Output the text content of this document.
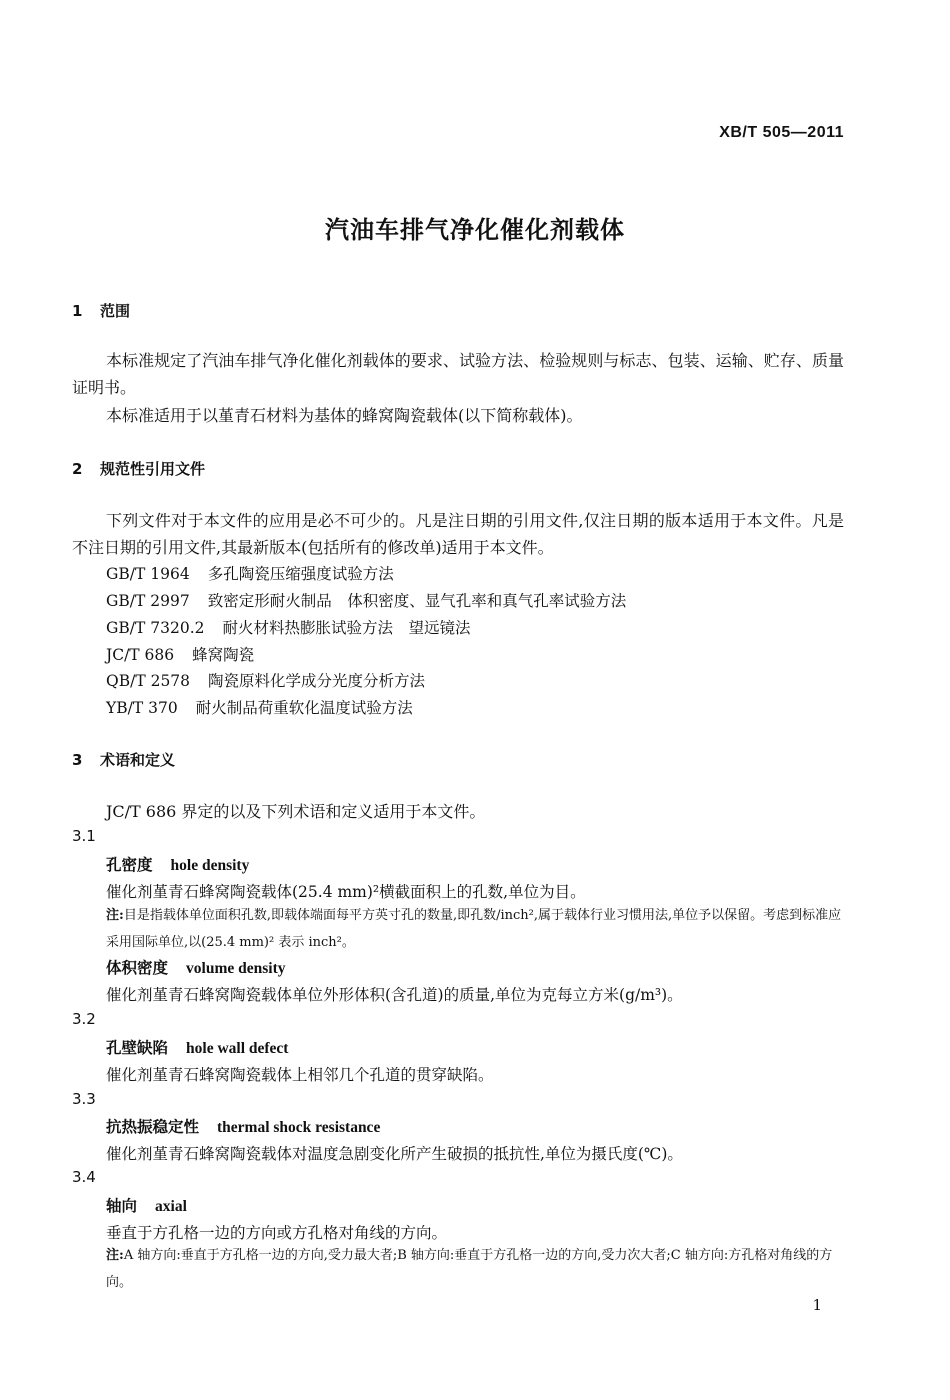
XB/T 505—2011
汽油车排气净化催化剂载体
1 范围
本标准规定了汽油车排气净化催化剂载体的要求、试验方法、检验规则与标志、包装、运输、贮存、质量证明书。
本标准适用于以堇青石材料为基体的蜂窝陶瓷载体(以下简称载体)。
2 规范性引用文件
下列文件对于本文件的应用是必不可少的。凡是注日期的引用文件,仅注日期的版本适用于本文件。凡是不注日期的引用文件,其最新版本(包括所有的修改单)适用于本文件。
GB/T 1964 多孔陶瓷压缩强度试验方法
GB/T 2997 致密定形耐火制品　体积密度、显气孔率和真气孔率试验方法
GB/T 7320.2 耐火材料热膨胀试验方法　望远镜法
JC/T 686 蜂窝陶瓷
QB/T 2578 陶瓷原料化学成分光度分析方法
YB/T 370 耐火制品荷重软化温度试验方法
3 术语和定义
JC/T 686 界定的以及下列术语和定义适用于本文件。
3.1
孔密度 hole density
催化剂堇青石蜂窝陶瓷载体(25.4 mm)²横截面积上的孔数,单位为目。
注:目是指载体单位面积孔数,即载体端面每平方英寸孔的数量,即孔数/inch²,属于载体行业习惯用法,单位予以保留。考虑到标准应采用国际单位,以(25.4 mm)² 表示 inch²。
体积密度 volume density
催化剂堇青石蜂窝陶瓷载体单位外形体积(含孔道)的质量,单位为克每立方米(g/m³)。
3.2
孔壁缺陷 hole wall defect
催化剂堇青石蜂窝陶瓷载体上相邻几个孔道的贯穿缺陷。
3.3
抗热振稳定性 thermal shock resistance
催化剂堇青石蜂窝陶瓷载体对温度急剧变化所产生破损的抵抗性,单位为摄氏度(℃)。
3.4
轴向 axial
垂直于方孔格一边的方向或方孔格对角线的方向。
注:A 轴方向:垂直于方孔格一边的方向,受力最大者;B 轴方向:垂直于方孔格一边的方向,受力次大者;C 轴方向:方孔格对角线的方向。
1
